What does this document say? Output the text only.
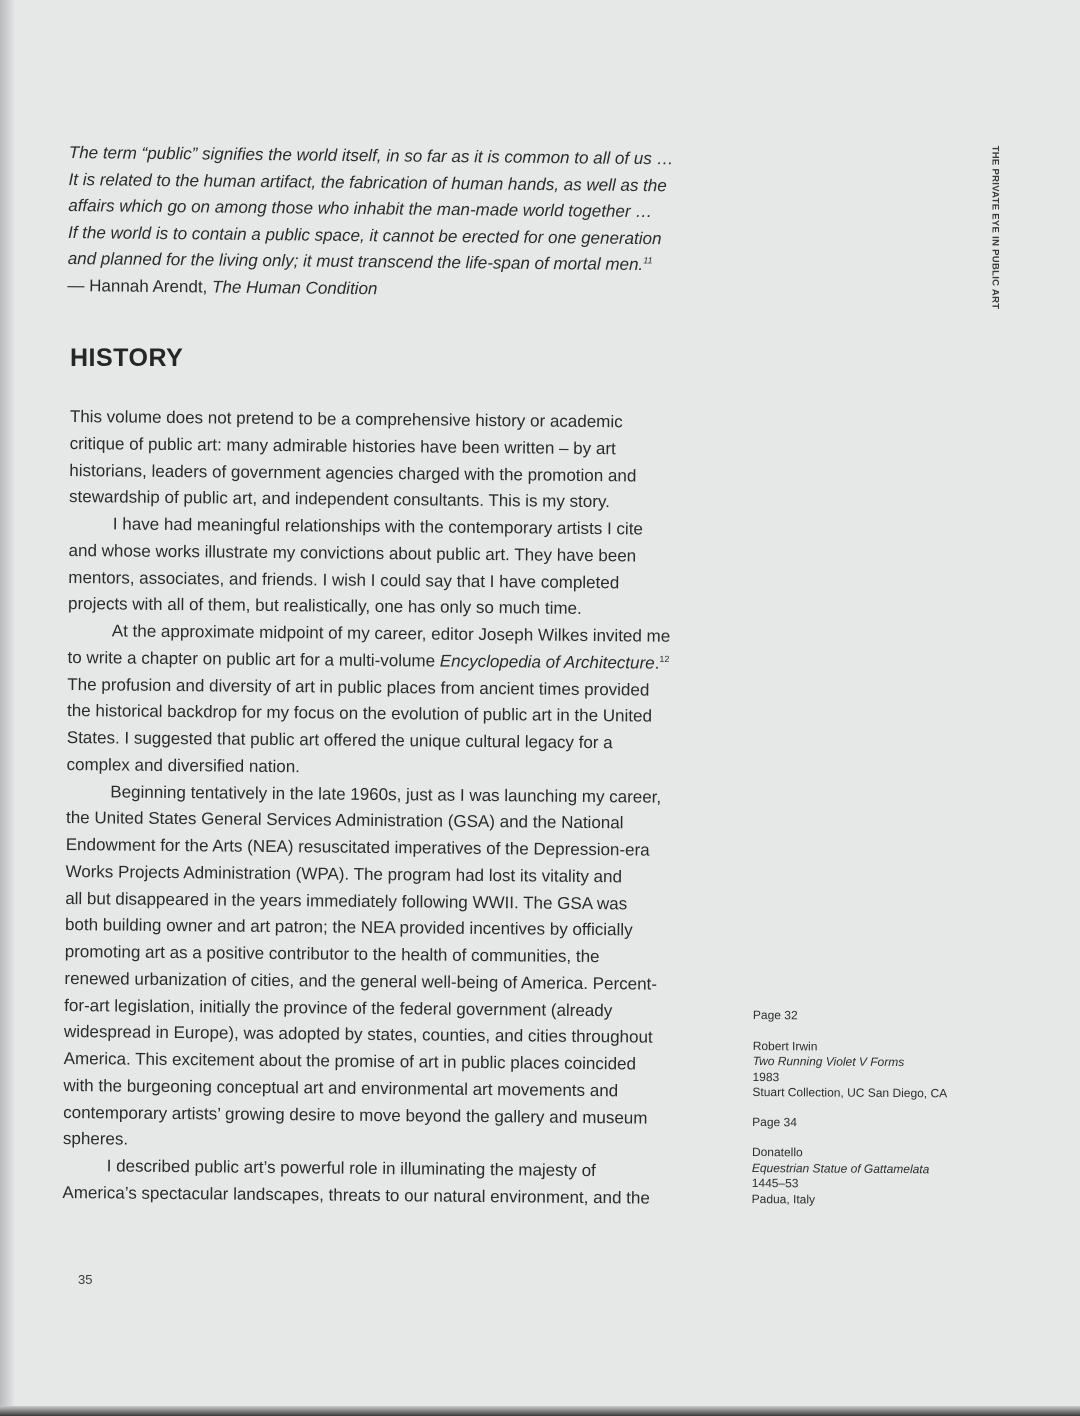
THE PRIVATE EYE IN PUBLIC ART
The term “public” signifies the world itself, in so far as it is common to all of us …
It is related to the human artifact, the fabrication of human hands, as well as the
affairs which go on among those who inhabit the man-made world together …
If the world is to contain a public space, it cannot be erected for one generation
and planned for the living only; it must transcend the life-span of mortal men.$^{11}$
— Hannah Arendt, The Human Condition
HISTORY
This volume does not pretend to be a comprehensive history or academic
critique of public art: many admirable histories have been written – by art
historians, leaders of government agencies charged with the promotion and
stewardship of public art, and independent consultants. This is my story.
I have had meaningful relationships with the contemporary artists I cite
and whose works illustrate my convictions about public art. They have been
mentors, associates, and friends. I wish I could say that I have completed
projects with all of them, but realistically, one has only so much time.
At the approximate midpoint of my career, editor Joseph Wilkes invited me
to write a chapter on public art for a multi-volume Encyclopedia of Architecture.$^{12}$
The profusion and diversity of art in public places from ancient times provided
the historical backdrop for my focus on the evolution of public art in the United
States. I suggested that public art offered the unique cultural legacy for a
complex and diversified nation.
Beginning tentatively in the late 1960s, just as I was launching my career,
the United States General Services Administration (GSA) and the National
Endowment for the Arts (NEA) resuscitated imperatives of the Depression-era
Works Projects Administration (WPA). The program had lost its vitality and
all but disappeared in the years immediately following WWII. The GSA was
both building owner and art patron; the NEA provided incentives by officially
promoting art as a positive contributor to the health of communities, the
renewed urbanization of cities, and the general well-being of America. Percent-
for-art legislation, initially the province of the federal government (already
widespread in Europe), was adopted by states, counties, and cities throughout
America. This excitement about the promise of art in public places coincided
with the burgeoning conceptual art and environmental art movements and
contemporary artists’ growing desire to move beyond the gallery and museum
spheres.
I described public art’s powerful role in illuminating the majesty of
America’s spectacular landscapes, threats to our natural environment, and the
Page 32
Robert Irwin
Two Running Violet V Forms
1983
Stuart Collection, UC San Diego, CA
Page 34
Donatello
Equestrian Statue of Gattamelata
1445–53
Padua, Italy
35
